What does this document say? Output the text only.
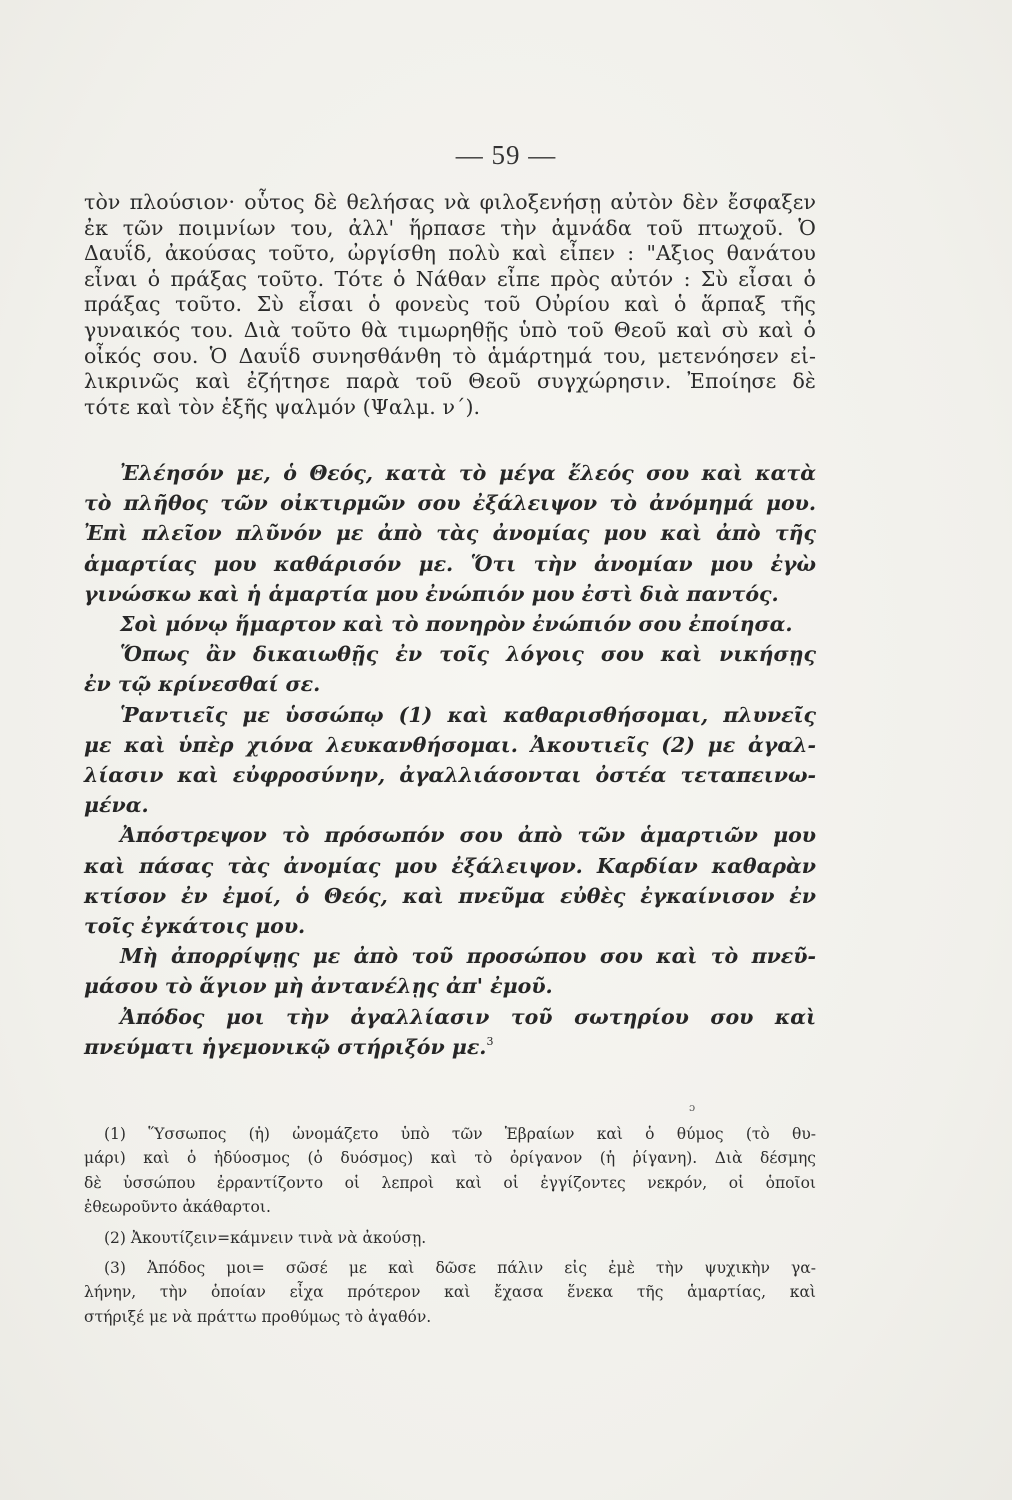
— 59 —
τὸν πλούσιον· οὗτος δὲ θελήσας νὰ φιλοξενήσῃ αὐτὸν δὲν ἔσφαξεν
ἐκ τῶν ποιμνίων του, ἀλλ' ἥρπασε τὴν ἀμνάδα τοῦ πτωχοῦ. Ὁ
Δαυΐδ, ἀκούσας τοῦτο, ὠργίσθη πολὺ καὶ εἶπεν : "Αξιος θανάτου
εἶναι ὁ πράξας τοῦτο. Τότε ὁ Νάθαν εἶπε πρὸς αὐτόν : Σὺ εἶσαι ὁ
πράξας τοῦτο. Σὺ εἶσαι ὁ φονεὺς τοῦ Οὐρίου καὶ ὁ ἅρπαξ τῆς
γυναικός του. Διὰ τοῦτο θὰ τιμωρηθῇς ὑπὸ τοῦ Θεοῦ καὶ σὺ καὶ ὁ
οἶκός σου. Ὁ Δαυΐδ συνησθάνθη τὸ ἁμάρτημά του, μετενόησεν εἰ-
λικρινῶς καὶ ἐζήτησε παρὰ τοῦ Θεοῦ συγχώρησιν. Ἐποίησε δὲ
τότε καὶ τὸν ἑξῆς ψαλμόν (Ψαλμ. ν΄).
Ἐλέησόν με, ὁ Θεός, κατὰ τὸ μέγα ἔλεός σου καὶ κατὰ
τὸ πλῆθος τῶν οἰκτιρμῶν σου ἐξάλειψον τὸ ἀνόμημά μου.
Ἐπὶ πλεῖον πλῦνόν με ἀπὸ τὰς ἀνομίας μου καὶ ἀπὸ τῆς
ἁμαρτίας μου καθάρισόν με. Ὅτι τὴν ἀνομίαν μου ἐγὼ
γινώσκω καὶ ἡ ἁμαρτία μου ἐνώπιόν μου ἐστὶ διὰ παντός.
Σοὶ μόνῳ ἥμαρτον καὶ τὸ πονηρὸν ἐνώπιόν σου ἐποίησα.
Ὅπως ἂν δικαιωθῇς ἐν τοῖς λόγοις σου καὶ νικήσῃς
ἐν τῷ κρίνεσθαί σε.
Ῥαντιεῖς με ὑσσώπῳ (1) καὶ καθαρισθήσομαι, πλυνεῖς
με καὶ ὑπὲρ χιόνα λευκανθήσομαι. Ἀκουτιεῖς (2) με ἀγαλ-
λίασιν καὶ εὐφροσύνην, ἀγαλλιάσονται ὀστέα τεταπεινω-
μένα.
Ἀπόστρεψον τὸ πρόσωπόν σου ἀπὸ τῶν ἁμαρτιῶν μου
καὶ πάσας τὰς ἀνομίας μου ἐξάλειψον. Καρδίαν καθαρὰν
κτίσον ἐν ἐμοί, ὁ Θεός, καὶ πνεῦμα εὐθὲς ἐγκαίνισον ἐν
τοῖς ἐγκάτοις μου.
Μὴ ἀπορρίψῃς με ἀπὸ τοῦ προσώπου σου καὶ τὸ πνεῦ-
μάσου τὸ ἅγιον μὴ ἀντανέλῃς ἀπ' ἐμοῦ.
Ἀπόδος μοι τὴν ἀγαλλίασιν τοῦ σωτηρίου σου καὶ
πνεύματι ἡγεμονικῷ στήριξόν με.$^3$
ɔ
(1) Ὕσσωπος (ἡ) ὠνομάζετο ὑπὸ τῶν Ἑβραίων καὶ ὁ θύμος (τὸ θυ-
μάρι) καὶ ὁ ἡδύοσμος (ὁ δυόσμος) καὶ τὸ ὀρίγανον (ἡ ῥίγανη). Διὰ δέσμης
δὲ ὑσσώπου ἐρραντίζοντο οἱ λεπροὶ καὶ οἱ ἐγγίζοντες νεκρόν, οἱ ὁποῖοι
ἐθεωροῦντο ἀκάθαρτοι.
(2) Ἀκουτίζειν=κάμνειν τινὰ νὰ ἀκούσῃ.
(3) Ἀπόδος μοι= σῶσέ με καὶ δῶσε πάλιν εἰς ἐμὲ τὴν ψυχικὴν γα-
λήνην, τὴν ὁποίαν εἶχα πρότερον καὶ ἔχασα ἕνεκα τῆς ἁμαρτίας, καὶ
στήριξέ με νὰ πράττω προθύμως τὸ ἀγαθόν.
